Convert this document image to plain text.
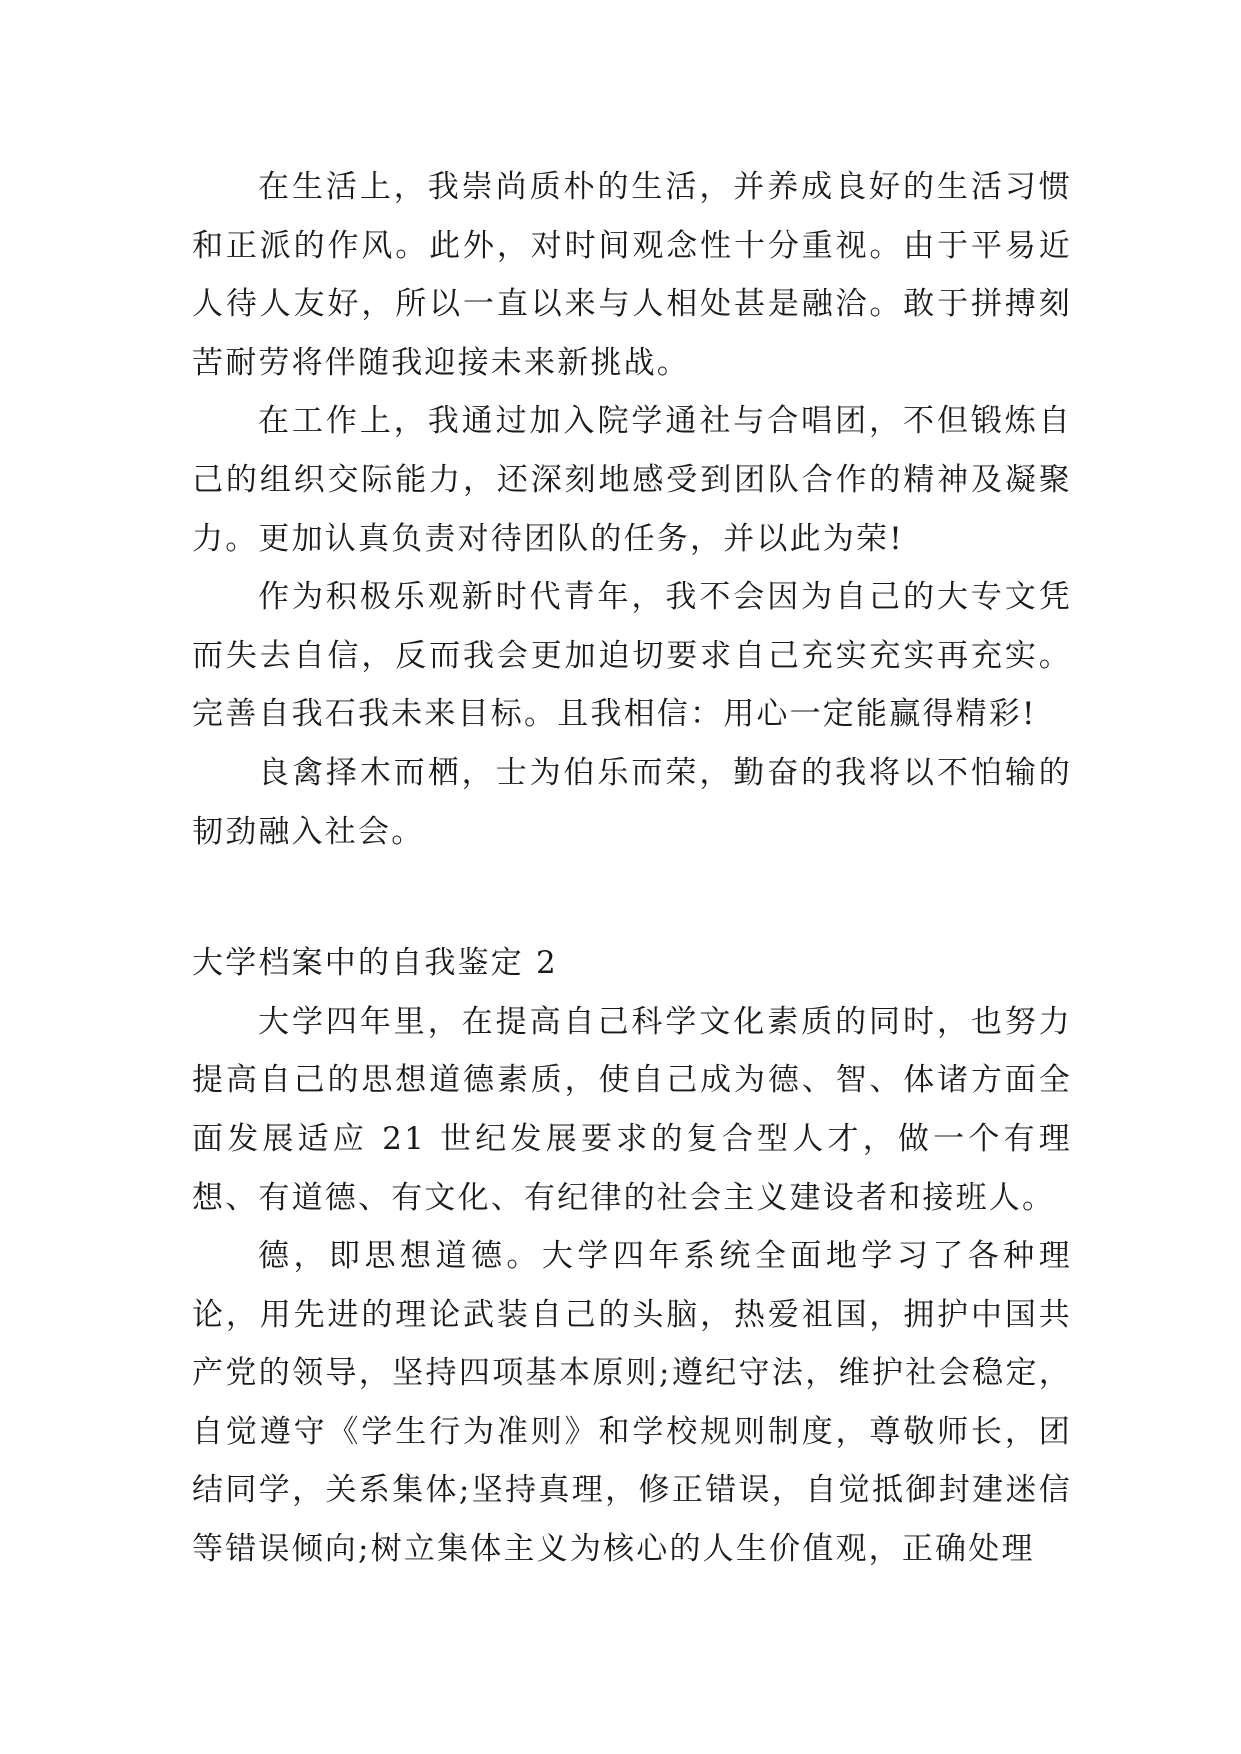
在生活上，我崇尚质朴的生活，并养成良好的生活习惯和正派的作风。此外，对时间观念性十分重视。由于平易近人待人友好，所以一直以来与人相处甚是融洽。敢于拼搏刻苦耐劳将伴随我迎接未来新挑战。

在工作上，我通过加入院学通社与合唱团，不但锻炼自己的组织交际能力，还深刻地感受到团队合作的精神及凝聚力。更加认真负责对待团队的任务，并以此为荣!

作为积极乐观新时代青年，我不会因为自己的大专文凭而失去自信，反而我会更加迫切要求自己充实充实再充实。完善自我石我未来目标。且我相信：用心一定能赢得精彩!

良禽择木而栖，士为伯乐而荣，勤奋的我将以不怕输的韧劲融入社会。

大学档案中的自我鉴定 2

大学四年里，在提高自己科学文化素质的同时，也努力提高自己的思想道德素质，使自己成为德、智、体诸方面全面发展适应 21 世纪发展要求的复合型人才，做一个有理想、有道德、有文化、有纪律的社会主义建设者和接班人。

德，即思想道德。大学四年系统全面地学习了各种理论，用先进的理论武装自己的头脑，热爱祖国，拥护中国共产党的领导，坚持四项基本原则;遵纪守法，维护社会稳定，自觉遵守《学生行为准则》和学校规则制度，尊敬师长，团结同学，关系集体;坚持真理，修正错误，自觉抵御封建迷信等错误倾向;树立集体主义为核心的人生价值观，正确处理
